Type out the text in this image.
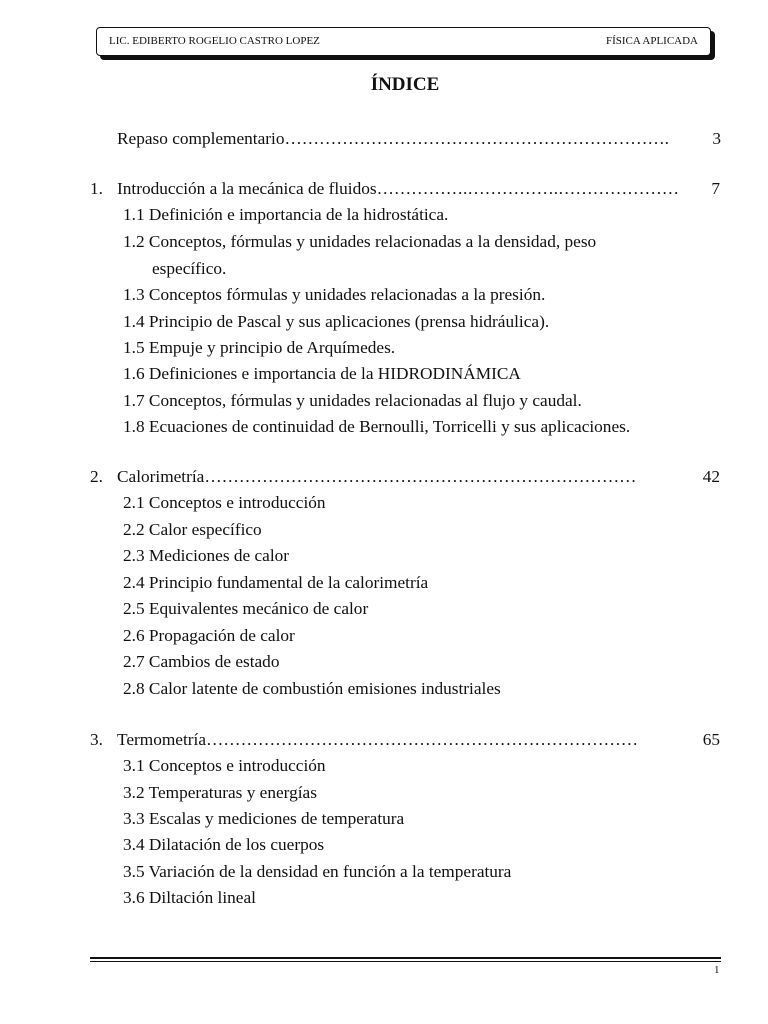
LIC. EDIBERTO ROGELIO CASTRO LOPEZ	FÍSICA APLICADA
ÍNDICE
Repaso complementario ………………………………………………………….	3
1. Introducción a la mecánica de fluidos …………….…………….…………………	7
1.1 Definición e importancia de la hidrostática.
1.2 Conceptos, fórmulas y unidades relacionadas a la densidad, peso
específico.
1.3 Conceptos fórmulas y unidades relacionadas a la presión.
1.4 Principio de Pascal y sus aplicaciones (prensa hidráulica).
1.5 Empuje y principio de Arquímedes.
1.6 Definiciones e importancia de la HIDRODINÁMICA
1.7 Conceptos, fórmulas y unidades relacionadas al flujo y caudal.
1.8 Ecuaciones de continuidad de Bernoulli, Torricelli y sus aplicaciones.
2. Calorimetría …………………………………………………………………	42
2.1 Conceptos e introducción
2.2 Calor específico
2.3 Mediciones de calor
2.4 Principio fundamental de la calorimetría
2.5 Equivalentes mecánico de calor
2.6 Propagación de calor
2.7 Cambios de estado
2.8 Calor latente de combustión emisiones industriales
3. Termometría …………………………………………………………………	65
3.1 Conceptos e introducción
3.2 Temperaturas y energías
3.3 Escalas y mediciones de temperatura
3.4 Dilatación de los cuerpos
3.5 Variación de la densidad en función a la temperatura
3.6 Diltación lineal
1
